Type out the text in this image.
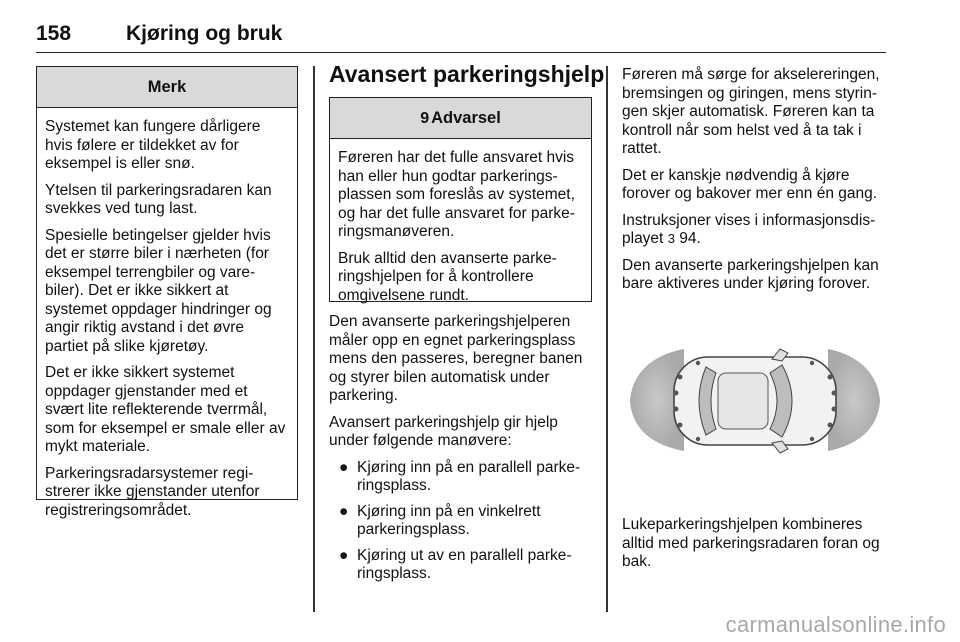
158	Kjøring og bruk
Merk

Systemet kan fungere dårligere hvis følere er tildekket av for eksempel is eller snø.

Ytelsen til parkeringsradaren kan svekkes ved tung last.

Spesielle betingelser gjelder hvis det er større biler i nærheten (for eksempel terrengbiler og vare-biler). Det er ikke sikkert at systemet oppdager hindringer og angir riktig avstand i det øvre partiet på slike kjøretøy.

Det er ikke sikkert systemet oppdager gjenstander med et svært lite reflekterende tverrmål, som for eksempel er smale eller av mykt materiale.

Parkeringsradarsystemer regi-strerer ikke gjenstander utenfor registreringsområdet.

Avansert parkeringshjelp
9 Advarsel

Føreren har det fulle ansvaret hvis han eller hun godtar parkerings-plassen som foreslås av systemet, og har det fulle ansvaret for parke-ringsmanøveren.

Bruk alltid den avanserte parke-ringshjelpen for å kontrollere omgivelsene rundt.

Den avanserte parkeringshjelperen måler opp en egnet parkeringsplass mens den passeres, beregner banen og styrer bilen automatisk under parkering.

Avansert parkeringshjelp gir hjelp under følgende manøvere:

● Kjøring inn på en parallell parke-ringsplass.
● Kjøring inn på en vinkelrett parkeringsplass.
● Kjøring ut av en parallell parke-ringsplass.

Føreren må sørge for akselereringen, bremsingen og giringen, mens styrin-gen skjer automatisk. Føreren kan ta kontroll når som helst ved å ta tak i rattet.

Det er kanskje nødvendig å kjøre forover og bakover mer enn én gang.

Instruksjoner vises i informasjonsdis-playet 3 94.

Den avanserte parkeringshjelpen kan bare aktiveres under kjøring forover.

Lukeparkeringshjelpen kombineres alltid med parkeringsradaren foran og bak.

carmanualsonline.info
